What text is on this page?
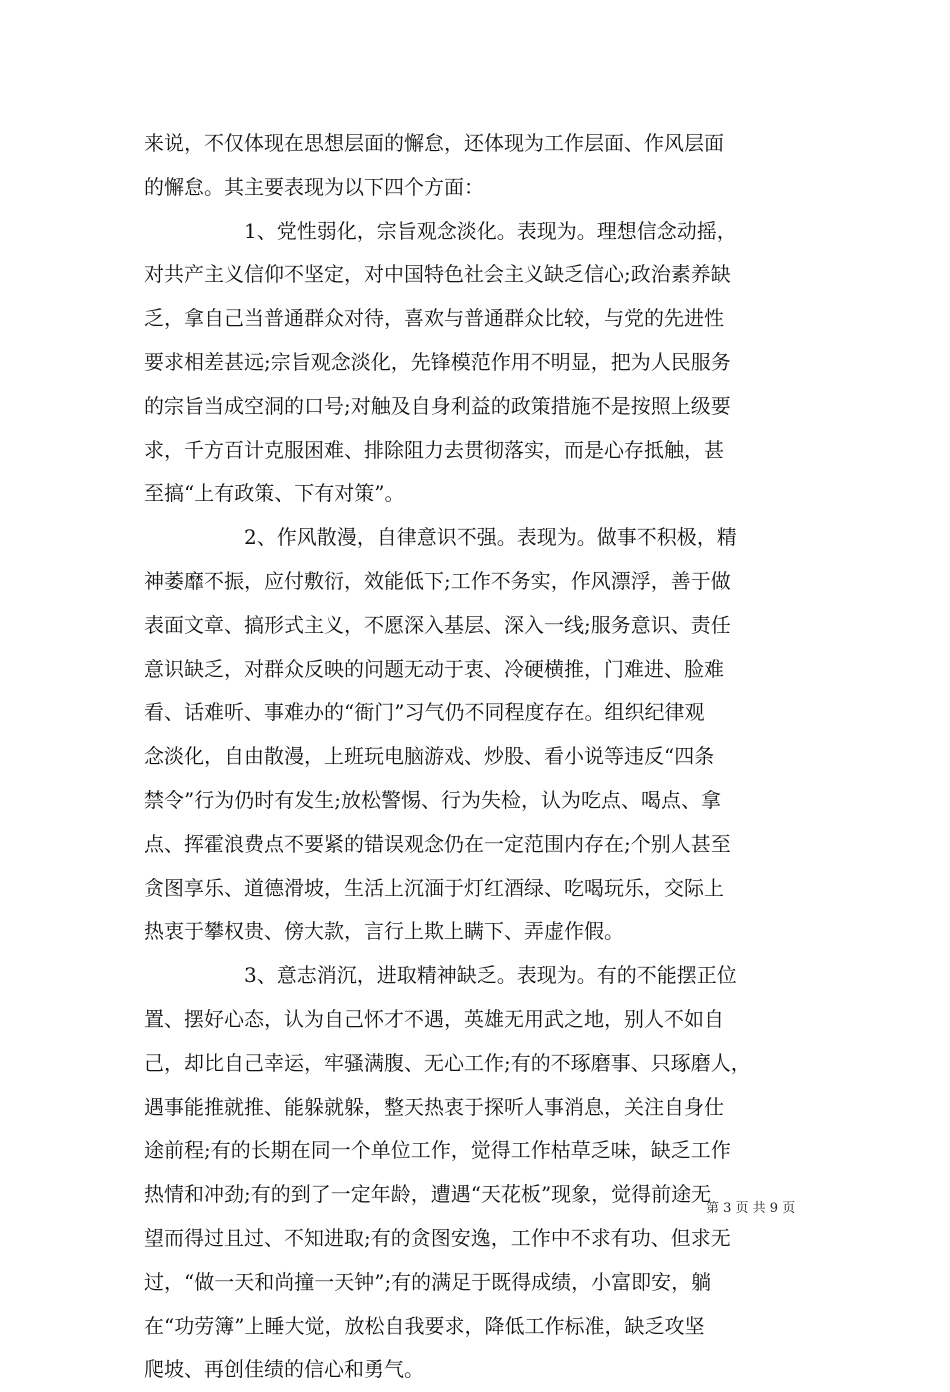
来说，不仅体现在思想层面的懈怠，还体现为工作层面、作风层面
的懈怠。其主要表现为以下四个方面：
1、党性弱化，宗旨观念淡化。表现为。理想信念动摇，
对共产主义信仰不坚定，对中国特色社会主义缺乏信心;政治素养缺
乏，拿自己当普通群众对待，喜欢与普通群众比较，与党的先进性
要求相差甚远;宗旨观念淡化，先锋模范作用不明显，把为人民服务
的宗旨当成空洞的口号;对触及自身利益的政策措施不是按照上级要
求，千方百计克服困难、排除阻力去贯彻落实，而是心存抵触，甚
至搞“上有政策、下有对策”。
2、作风散漫，自律意识不强。表现为。做事不积极，精
神萎靡不振，应付敷衍，效能低下;工作不务实，作风漂浮，善于做
表面文章、搞形式主义，不愿深入基层、深入一线;服务意识、责任
意识缺乏，对群众反映的问题无动于衷、冷硬横推，门难进、脸难
看、话难听、事难办的“衙门”习气仍不同程度存在。组织纪律观
念淡化，自由散漫，上班玩电脑游戏、炒股、看小说等违反“四条
禁令”行为仍时有发生;放松警惕、行为失检，认为吃点、喝点、拿
点、挥霍浪费点不要紧的错误观念仍在一定范围内存在;个别人甚至
贪图享乐、道德滑坡，生活上沉湎于灯红酒绿、吃喝玩乐，交际上
热衷于攀权贵、傍大款，言行上欺上瞒下、弄虚作假。
3、意志消沉，进取精神缺乏。表现为。有的不能摆正位
置、摆好心态，认为自己怀才不遇，英雄无用武之地，别人不如自
己，却比自己幸运，牢骚满腹、无心工作;有的不琢磨事、只琢磨人，
遇事能推就推、能躲就躲，整天热衷于探听人事消息，关注自身仕
途前程;有的长期在同一个单位工作，觉得工作枯草乏味，缺乏工作
热情和冲劲;有的到了一定年龄，遭遇“天花板”现象，觉得前途无
望而得过且过、不知进取;有的贪图安逸，工作中不求有功、但求无
过，“做一天和尚撞一天钟”;有的满足于既得成绩，小富即安，躺
在“功劳簿”上睡大觉，放松自我要求，降低工作标准，缺乏攻坚
爬坡、再创佳绩的信心和勇气。
第 3 页 共 9 页
